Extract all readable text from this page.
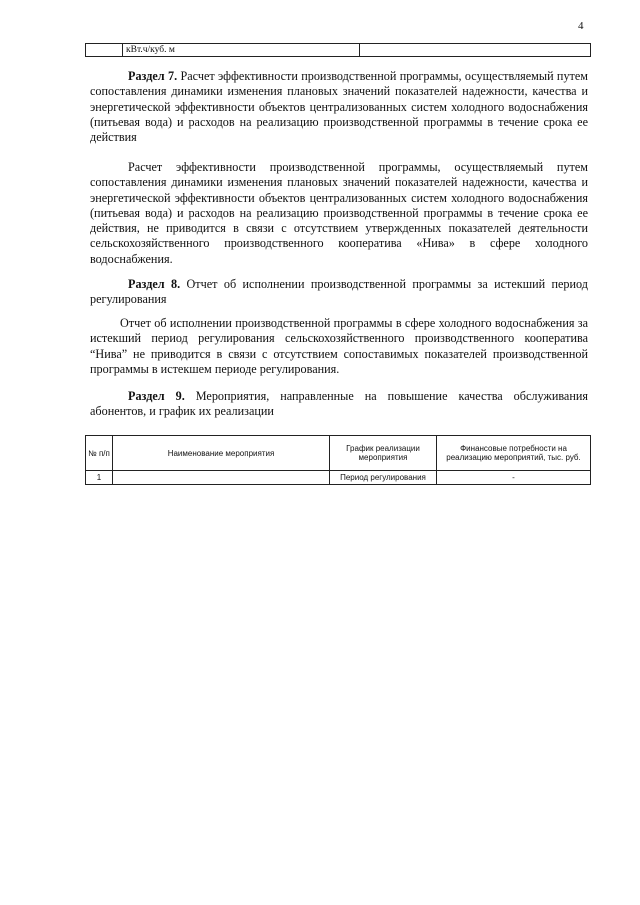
4
	кВт.ч/куб. м	
Раздел 7. Расчет эффективности производственной программы, осуществляемый путем сопоставления динамики изменения плановых значений показателей надежности, качества и энергетической эффективности объектов централизованных систем холодного водоснабжения (питьевая вода) и расходов на реализацию производственной программы в течение срока ее действия
Расчет эффективности производственной программы, осуществляемый путем сопоставления динамики изменения плановых значений показателей надежности, качества и энергетической эффективности объектов централизованных систем холодного водоснабжения (питьевая вода) и расходов на реализацию производственной программы в течение срока ее действия, не приводится в связи с отсутствием утвержденных показателей деятельности сельскохозяйственного производственного кооператива «Нива» в сфере холодного водоснабжения.
Раздел 8. Отчет об исполнении производственной программы за истекший период регулирования
Отчет об исполнении производственной программы в сфере холодного водоснабжения за истекший период регулирования сельскохозяйственного производственного кооператива “Нива” не приводится в связи с отсутствием сопоставимых показателей производственной программы в истекшем периоде регулирования.
Раздел 9. Мероприятия, направленные на повышение качества обслуживания абонентов, и график их реализации
№ п/п	Наименование мероприятия	График реализации мероприятия	Финансовые потребности на реализацию мероприятий, тыс. руб.
1		Период регулирования	-
